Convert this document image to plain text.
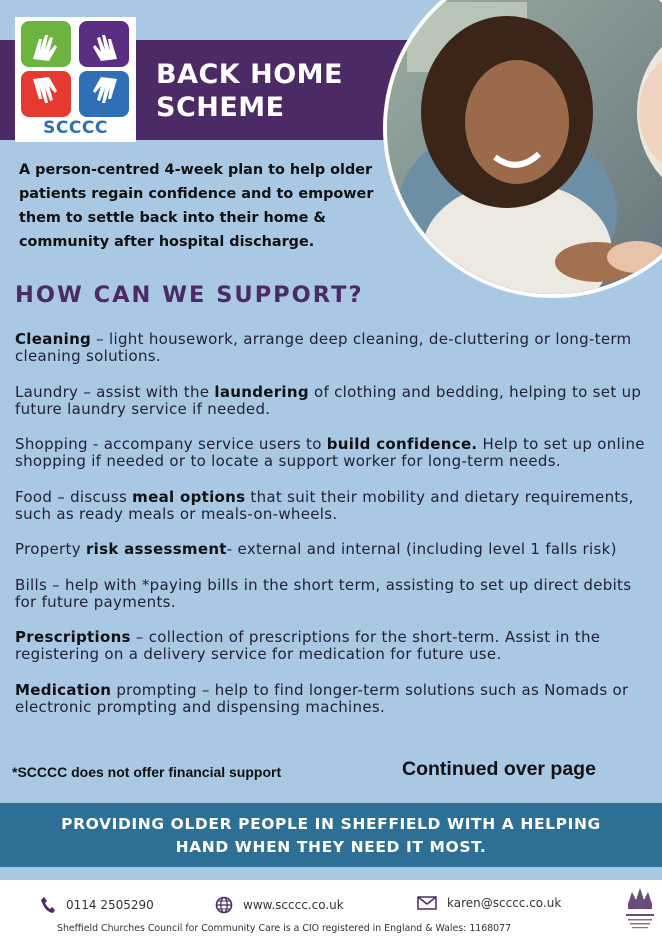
SCCCC
BACK HOME
SCHEME
A person-centred 4-week plan to help older patients regain confidence and to empower them to settle back into their home & community after hospital discharge.
HOW CAN WE SUPPORT?
Cleaning – light housework, arrange deep cleaning, de-cluttering or long-term cleaning solutions.
Laundry – assist with the laundering of clothing and bedding, helping to set up future laundry service if needed.
Shopping - accompany service users to build confidence. Help to set up online shopping if needed or to locate a support worker for long-term needs.
Food – discuss meal options that suit their mobility and dietary requirements, such as ready meals or meals-on-wheels.
Property risk assessment- external and internal (including level 1 falls risk)
Bills – help with *paying bills in the short term, assisting to set up direct debits for future payments.
Prescriptions – collection of prescriptions for the short-term. Assist in the registering on a delivery service for medication for future use.
Medication prompting – help to find longer-term solutions such as Nomads or electronic prompting and dispensing machines.
*SCCCC does not offer financial support	Continued over page
PROVIDING OLDER PEOPLE IN SHEFFIELD WITH A HELPING
HAND WHEN THEY NEED IT MOST.
0114 2505290	www.scccc.co.uk	karen@scccc.co.uk
Sheffield Churches Council for Community Care is a CIO registered in England & Wales: 1168077
